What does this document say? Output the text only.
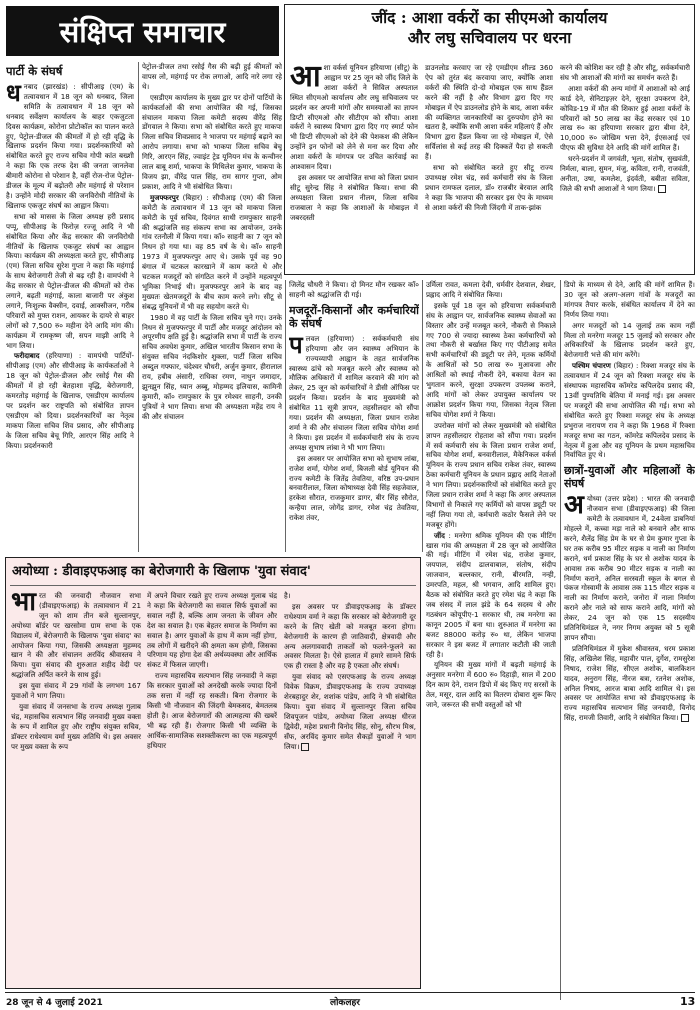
संक्षिप्त समाचार	जींद : आशा वर्करों का सीएमओ कार्यालय
और लघु सचिवालय पर धरना
आ शा वर्कर्स यूनियन हरियाणा (सीटू) के आह्वान पर 25 जून को जींद जिले के आशा वर्करों ने सिविल अस्पताल स्थित सीएमओ कार्यालय और लघु सचिवालय पर प्रदर्शन कर अपनी मांगों और समस्याओं का ज्ञापन डिप्टी सीएमओ और सीटीएम को सौंपा। आशा वर्करों ने स्वास्थ्य विभाग द्वारा दिए गए स्मार्ट फोन भी डिप्टी सीएमओ को देने की पेशकश की लेकिन उन्होंने इन फोनों को लेने से मना कर दिया और आशा वर्करों के मांगपत्र पर उचित कार्रवाई का आश्वासन दिया।

इस अवसर पर आयोजित सभा को जिला प्रधान सीटू सुरेन्द्र सिंह ने संबोधित किया। सभा की अध्यक्षता जिला प्रधान नीलम, जिला सचिव राजबाला ने कहा कि आशाओं के मोबाइल में जबरदस्ती

डाउनलोड करवाए जा रहे एमडीएम शील्ड 360 ऐप को तुरंत बंद करवाया जाए, क्योंकि आशा वर्करों की स्थिति दो-दो मोबाइल एक साथ हैंडल करने की नहीं है और विभाग द्वारा दिए गए मोबाइल में ऐप डाउनलोड होने के बाद, आशा वर्कर की व्यक्तिगत जानकारियों का दुरुपयोग होने का खतरा है, क्योंकि सभी आशा वर्कर महिलाएं हैं और विभाग द्वारा हैंडल किया जा रहे मोबाइल में, ऐसे सर्विलांस से कई तरह की दिक्कतें पैदा हो सकती हैं।

सभा को संबोधित करते हुए सीटू राज्य उपाध्यक्ष रमेश चंद्र, सर्व कर्मचारी संघ के जिला प्रधान रामफल दलाल, डॉ० राजबीर बेरवाल आदि ने कहा कि भाजपा की सरकार इस ऐप के माध्यम से आशा वर्करों की निजी जिंदगी में ताक-झांक

करने की कोशिश कर रही है और सीटू, सर्वकर्मचारी संघ भी आशाओं की मांगों का समर्थन करते हैं।

आशा वर्करों की अन्य मांगों में आशाओं को आई कार्ड देने, सेनिटाइज़र देने, सुरक्षा उपकरण देने, कोविड-19 में मौत की शिकार हुई आशा वर्करों के परिवारों को 50 लाख का केंद्र सरकार एवं 10 लाख रु० का हरियाणा सरकार द्वारा बीमा देने, 10,000 रु० जोखिम भत्ता देने, ईएसआई एवं पीएफ की सुविधा देने आदि की मांगें शामिल हैं।

धरने-प्रदर्शन में जगवंती, भूला, संतोष, सुखवंती, निर्मला, बाला, सुमन, मंजु, कविता, रानी, राजवंती, अनीता, उषा, कमलेश, इंदर्वती, बबीता सविता, जिले की सभी आशाओं ने भाग लिया।

पार्टी के संघर्ष
ध नबाद (झारखंड) : सीपीआइ (एम) के तत्वावधान में 18 जून को धनबाद, जिला समिति के तत्वावधान में 18 जून को धनबाद सर्वेक्षण कार्यालय के बाहर एकजुटता दिवस कार्यक्रम, कोरोना प्रोटोकॉल का पालन करते हुए, पेट्रोल-डीजल की कीमतों में हो रही वृद्धि के खिलाफ प्रदर्शन किया गया। प्रदर्शनकारियों को संबोधित करते हुए राज्य सचिव गोपी कांत बख्शी ने कहा कि एक तरफ देश की जनता जानलेवा बीमारी कोरोना से परेशान है, वहीं रोज-रोज पेट्रोल-डीजल के मूल्य में बढ़ोतरी और महंगाई से परेशान है। उन्होंने मोदी सरकार की जनविरोधी नीतियों के खिलाफ एकजुट संघर्ष का आह्वान किया।

सभा को मासस के जिला अध्यक्ष हरी प्रसाद पप्पू, सीपीआइ के फिरोज़ रज्जू आदि ने भी संबोधित किया और केंद्र सरकार की जनविरोधी नीतियों के खिलाफ एकजुट संघर्ष का आह्वान किया। कार्यक्रम की अध्यक्षता करते हुए, सीपीआइ (एम) जिला सचिव सुरेश गुप्ता ने कहा कि महंगाई के साथ बेरोजगारी तेजी से बढ़ रही है। वामपंथी ने केंद्र सरकार से पेट्रोल-डीजल की कीमतों को रोक लगाने, बढ़ती महंगाई, काला बाजारी पर अंकुश लगाने, निःशुल्क वैक्सीन, दवाई, आक्सीजन, गरीब परिवारों को मुफ्त राशन, आयकर के दायरे से बाहर लोगों को 7,500 रु० महीना देने आदि मांग की। कार्यक्रम में रामकृष्ण जी, सपन माझी आदि ने भाग लिया।

फरीदाबाद (हरियाणा) : वामपंथी पार्टियों-सीपीआइ (एम) और सीपीआइ के कार्यकर्ताओं ने 18 जून को पेट्रोल-डीजल और रसोई गैस की कीमतों में हो रही बेतहाशा वृद्धि, बेरोजगारी, कमरतोड़ महंगाई के खिलाफ, एसडीएम कार्यालय पर प्रदर्शन कर राष्ट्रपति को संबोधित ज्ञापन एसडीएम को दिया। प्रदर्शनकारियों का नेतृत्व माकपा जिला सचिव शिव प्रसाद, और सीपीआइ के जिला सचिव बेचू गिरि, आरएन सिंह आदि ने किया। प्रदर्शनकारी

पेट्रोल-डीजल तथा रसोई गैस की बढ़ी हुई कीमतों को वापस लो, महंगाई पर रोक लगाओ, आदि नारे लगा रहे थे।

एसडीएम कार्यालय के मुख्य द्वार पर दोनों पार्टियों के कार्यकर्ताओं की सभा आयोजित की गई, जिसका संचालन माकपा जिला कमेटी सदस्य वीरेंद्र सिंह डोंगवाल ने किया। सभा को संबोधित करते हुए माकपा जिला सचिव शिवप्रसाद ने भाजपा पर महंगाई बढ़ाने का आरोप लगाया। सभा को भाकपा जिला सचिव बेचू गिरि, आरएन सिंह, ज्वाइंट ट्रेड यूनियन मंच के कन्वीनर लाल बाबू शर्मा, भाकपा के मिथिलेश कुमार, भाकपा के विजय झा, वीरेंद्र पाल सिंह, राम सागर गुप्ता, ओम प्रकाश, आदि ने भी संबोधित किया।

मुजफ्फरपुर (बिहार) : सीपीआइ (एम) की जिला कमेटी के तत्वावधान में 13 जून को माकपा जिला कमेटी के पूर्व सचिव, दिवंगत साथी रामपुकार साहनी की श्रद्धांजलि सह संकल्प सभा का आयोजन, उनके गांव रतनौली में किया गया। कॉ० साहनी का 7 जून को निधन हो गया था। वह 85 वर्ष के थे। कॉ० साहनी 1973 में मुजफ्फरपुर आए थे। उसके पूर्व वह 90 बंगाल में चटकल कारखाने में काम करते थे और चटकल मजदूरों को संगठित करने में उन्होंने महत्वपूर्ण भूमिका निभाई थी। मुजफ्फरपुर आने के बाद वह मुख्यतः खेतमजदूरों के बीच काम करने लगे। सीटू से संबद्ध यूनियनों में भी वह सहयोग करते थे।

1980 में वह पार्टी के जिला सचिव चुने गए। उनके निधन से मुजफ्फरपुर में पार्टी और मजदूर आंदोलन को अपूरणीय क्षति हुई है। श्रद्धांजलि सभा में पार्टी के राज्य सचिव अवधेश कुमार, अखिल भारतीय किसान सभा के संयुक्त सचिव नंदकिशोर शुक्ला, पार्टी जिला सचिव अब्दुल गफ्फार, चंदेश्वर चौधरी, अर्जुन कुमार, हीरालाल राय, हबीब अंसारी, राधिका रमण, नाथुन जमादार, झुनझुन सिंह, ध्यान अब्बू, मोहम्मद इलियास, कामिनी कुमारी, कॉ० रामपुकार के पुत्र रमेश्वर साहनी, उनकी पुत्रियों ने भाग लिया। सभा की अध्यक्षता महेंद्र राय ने की और संचालन

जिलेंद्र चौधरी ने किया। दो मिनट मौन रखकर कॉ० साहनी को श्रद्धांजलि दी गई।

मजदूरों-किसानों और कर्मचारियों के संघर्ष
प लवल (हरियाणा) : सर्वकर्मचारी संघ हरियाणा और जन स्वास्थ्य अभियान के राज्यव्यापी आह्वान के तहत सार्वजनिक स्वास्थ्य ढांचे को मजबूत करने और स्वास्थ्य को मौलिक अधिकारों में शामिल करवाने की मांग को लेकर, 25 जून को कर्मचारियों ने डीसी ऑफिस पर प्रदर्शन किया। प्रदर्शन के बाद मुख्यमंत्री को संबोधित 11 सूत्री ज्ञापन, तहसीलदार को सौंपा गया। प्रदर्शन की अध्यक्षता, जिला प्रधान राजेश शर्मा ने की और संचालन जिला सचिव योगेश शर्मा ने किया। इस प्रदर्शन में सर्वकर्मचारी संघ के राज्य अध्यक्ष सुभाष लांबा ने भी भाग लिया।

इस अवसर पर आयोजित सभा को सुभाष लांबा, राजेश शर्मा, योगेश शर्मा, बिजली बोर्ड यूनियन की राज्य कमेटी के जितेंद्र तेवतिया, वरिष्ठ उप-प्रधान बनवारीलाल, जिला कोषाध्यक्ष देवी सिंह सहजेवाल, हरकेश सौरात, राजकुमार डागर, बीर सिंह सौरोत, कन्हैया लाल, जोगेंद्र डागर, रमेश चंद्र तेवतिया, राकेश तंवर,

उर्मिला रावत, कमला देवी, धर्मवीर देशवाल, शेखर, प्रह्लाद आदि ने संबोधित किया।

इसके पूर्व 18 जून को हरियाणा सर्वकर्मचारी संघ के आह्वान पर, सार्वजनिक स्वास्थ्य सेवाओं का विस्तार और उन्हें मजबूत करने, नौकरी से निकाले गए 700 से ज्यादा स्वास्थ्य ठेका कर्मचारियों को तथा नौकरी से बर्खास्त किए गए पीटीआइ समेत सभी कर्मचारियों की ड्यूटी पर लेने, मृतक कर्मियों के आश्रितों को 50 लाख रु० मुआवजा और आश्रितों को स्थाई नौकरी देने, बकाया वेतन का भुगतान करने, सुरक्षा उपकरण उपलब्ध कराने, आदि मांगों को लेकर उपायुक्त कार्यालय पर आक्रोश प्रदर्शन किया गया, जिसका नेतृत्व जिला सचिव योगेश शर्मा ने किया।

उपरोक्त मांगों को लेकर मुख्यमंत्री को संबोधित ज्ञापन तहसीलदार रोहताश को सौंपा गया। प्रदर्शन में सर्व कर्मचारी संघ के जिला प्रधान राजेश शर्मा, सचिव योगेश शर्मा, बनवारीलाल, मैकेनिकल वर्कर्स यूनियन के राज्य प्रधान सचिव राकेश तंवर, स्वास्थ्य ठेका कर्मचारी यूनियन के प्रधान प्रह्लाद आदि नेताओं ने भाग लिया। प्रदर्शनकारियों को संबोधित करते हुए जिला प्रधान राजेश शर्मा ने कहा कि अगर अस्पताल विभागों से निकाले गए कर्मियों को वापस ड्यूटी पर नहीं लिया गया तो, कर्मचारी कठोर फैसले लेने पर मजबूर होंगे।

जींद : मनरेगा श्रमिक यूनियन की एक मीटिंग खास गांव की अध्यक्षता में 28 जून को आयोजित की गई। मीटिंग में रमेश चंद्र, राजेश कुमार, जयपाल, संदीप ढालवाबाल, संतोष, संदीप जाजवान, बल्लकार, रानी, बीरमति, नन्ही, उमरपति, महल, श्री भगवान, आदि शामिल हुए। बैठक को संबोधित करते हुए रमेश चंद्र ने कहा कि जब संसद में लाल झंडे के 64 सदस्य थे और गठबंधन कोयूपीए-1 सरकार थी, तब मनरेगा का कानून 2005 में बना था। शुरुआत में मनरेगा का बजट 88000 करोड़ रु० था, लेकिन भाजपा सरकार ने इस बजट में लगातार कटौती की जाती रही है।

यूनियन की मुख्य मांगों में बढ़ती महंगाई के अनुसार मनरेगा में 600 रु० दिहाड़ी, साल में 200 दिन काम देने, राशन डिपो में बंद किए गए सरसों के तेल, मसूर, दाल आदि का वितरण दोबारा शुरू किए जाने, जरूरत की सभी वस्तुओं को भी

डिपो के माध्यम से देने, आदि की मांगें शामिल हैं। 30 जून को अलग-अलग गांवों के मजदूरों का मांगपत्र तैयार करके, संबंधित कार्यालय में देने का निर्णय लिया गया।

अगर मजदूरों को 14 जुलाई तक काम नहीं मिला तो मनरेगा मजदूर 15 जुलाई को सरकार और अधिकारियों के खिलाफ प्रदर्शन करते हुए, बेरोजगारी भत्ते की मांग करेंगे।

पश्चिम चंपारण (बिहार) : रिक्शा मजदूर संघ के तत्वावधान में 24 जून को रिक्शा मजदूर संघ के संस्थापक महासचिव कॉमरेड कपिलदेव प्रसाद की, 13वीं पुण्यतिथि बेतिया में मनाई गई। इस अवसर पर मजदूरों की सभा आयोजित की गई। सभा को संबोधित करते हुए रिक्शा मजदूर संघ के अध्यक्ष प्रभुराज नारायण राव ने कहा कि 1968 में रिक्शा मजदूर सभा का गठन, कॉमरेड कपिलदेव प्रसाद के नेतृत्व में हुआ और वह यूनियन के प्रथम महासचिव निर्वाचित हुए थे।

छात्रों-युवाओं और महिलाओं के संघर्ष
अ योध्या (उत्तर प्रदेश) : भारत की जनवादी नौजवान सभा (डीवाइएफआइ) की जिला कमेटी के तत्वावधान में, 24वेला डाबनियां मोहल्ले में, कच्चा मड़ा नाले को बनवाने और साफ करने, शैलेंद्र सिंह प्रेम के घर से प्रेम कुमार गुप्ता के घर तक करीब 95 मीटर सड़क व नाली का निर्माण कराने, धर्म प्रकाश सिंह के घर से अशोक यादव के आवास तक करीब 90 मीटर सड़क व नाली का निर्माण कराने, अनिल सरस्वती स्कूल के बगल से पंकज गोस्वामी के आवास तक 115 मीटर सड़क व नाली का निर्माण कराने, जनोरा में नाला निर्माण कराने और नाले को साफ कराने आदि, मांगों को लेकर, 24 जून को एक 15 सदस्यीय प्रतिनिधिमंडल ने, नगर निगम अयुक्त को 5 सूत्री ज्ञापन सौंपा।

प्रतिनिधिमंडल में मुकेश श्रीवास्तव, धरम प्रकाश सिंह, अखिलेश सिंह, महावीर पाल, दुर्गेश, रामसुरेश निषाद, राजेश सिंह, सीएल अशोक, बालकिशन यादव, अनुराग सिंह, नीरज बत्रा, रतनेश अशोक, अनिल निषाद, आरज बाबा आदि शामिल थे। इस अवसर पर आयोजित सभा को डीवाइएफआइ के राज्य महासचिव सत्यभान सिंह जनवादी, विनोद सिंह, रामजी तिवारी, आदि ने संबोधित किया।

अयोध्या : डीवाइएफआइ का बेरोजगारी के खिलाफ 'युवा संवाद'
भा रत की जनवादी नौजवान सभा (डीवाइएफआइ) के तत्वावधान में 21 जून को शाम तीन बजे सुल्तानपुर, अयोध्या बॉर्डर पर खरसोमा ग्राम सभा के एक विद्यालय में, बेरोजगारी के खिलाफ 'युवा संवाद' का आयोजन किया गया, जिसकी अध्यक्षता मुहम्मद खान ने की और संचालन अरविंद श्रीवास्तव ने किया। युवा संवाद की शुरुआत शहीद वेदी पर श्रद्धांजलि अर्पित करने के साथ हुई।

इस युवा संवाद में 29 गांवों के लगभग 167 युवाओं ने भाग लिया।

युवा संवाद में जनसभा के राज्य अध्यक्ष गुलाब चंद्र, महासचिव सत्यभान सिंह जनवादी मुख्य वक्ता के रूप में शामिल हुए और राष्ट्रीय संयुक्त सचिव, डॉक्टर राधेश्याम वर्मा मुख्य अतिथि थे। इस अवसर पर मुख्य वक्ता के रूप

में अपने विचार रखते हुए राज्य अध्यक्ष गुलाब चंद्र ने कहा कि बेरोजगारी का सवाल सिर्फ युवाओं का सवाल नहीं है, बल्कि आम जनता के जीवन और देश का सवाल है। एक बेहतर समाज के निर्माण का सवाल है। अगर युवाओं के हाथ में काम नहीं होगा, तब लोगों में खरीदने की क्षमता कम होगी, जिसका परिणाम यह होगा देश की अर्थव्यवस्था और आर्थिक संकट में फिसल जाएगी।

राज्य महासचिव सत्यभान सिंह जनवादी ने कहा कि सरकार युवाओं को अनदेखी करके ज्यादा दिनों तक सत्ता में नहीं रह सकती। बिना रोजगार के किसी भी नौजवान की जिंदगी बेमकसद, बेमतलब होती है। आज बेरोजगारों की आत्महत्या की खबरें भी बढ़ रही हैं। रोजगार किसी भी व्यक्ति के आर्थिक-सामाजिक सशक्तीकरण का एक महत्वपूर्ण हथियार

है।

इस अवसर पर डीवाइएफआइ के डॉक्टर राधेश्याम वर्मा ने कहा कि सरकार को बेरोजगारी दूर करने के लिए खेती को मजबूत करना होगा। बेरोजगारी के कारण ही जातिवादी, क्षेत्रवादी और अन्य अलगाववादी ताकतों को फलने-फूलने का अवसर मिलता है। ऐसे हालात में हमारे सामने सिर्फ एक ही रास्ता है और वह है एकता और संघर्ष।

युवा संवाद को एसएफआइ के राज्य अध्यक्ष विवेक विक्रम, डीवाइएफआइ के राज्य उपाध्यक्ष शेरबहादुर शेर, शशांक पांडेय, आदि ने भी संबोधित किया। युवा संवाद में सुल्तानपुर जिला सचिव शिवपूजन पांडेय, अयोध्या जिला अध्यक्ष धीरज द्विवेदी, महेश प्रधानी विनोद सिंह, सोनू, सौरभ मिश्र, सँफ, अरविंद कुमार समेत सैकड़ों युवाओं ने भाग लिया।

28 जून से 4 जुलाई 2021	लोकलहर	13
